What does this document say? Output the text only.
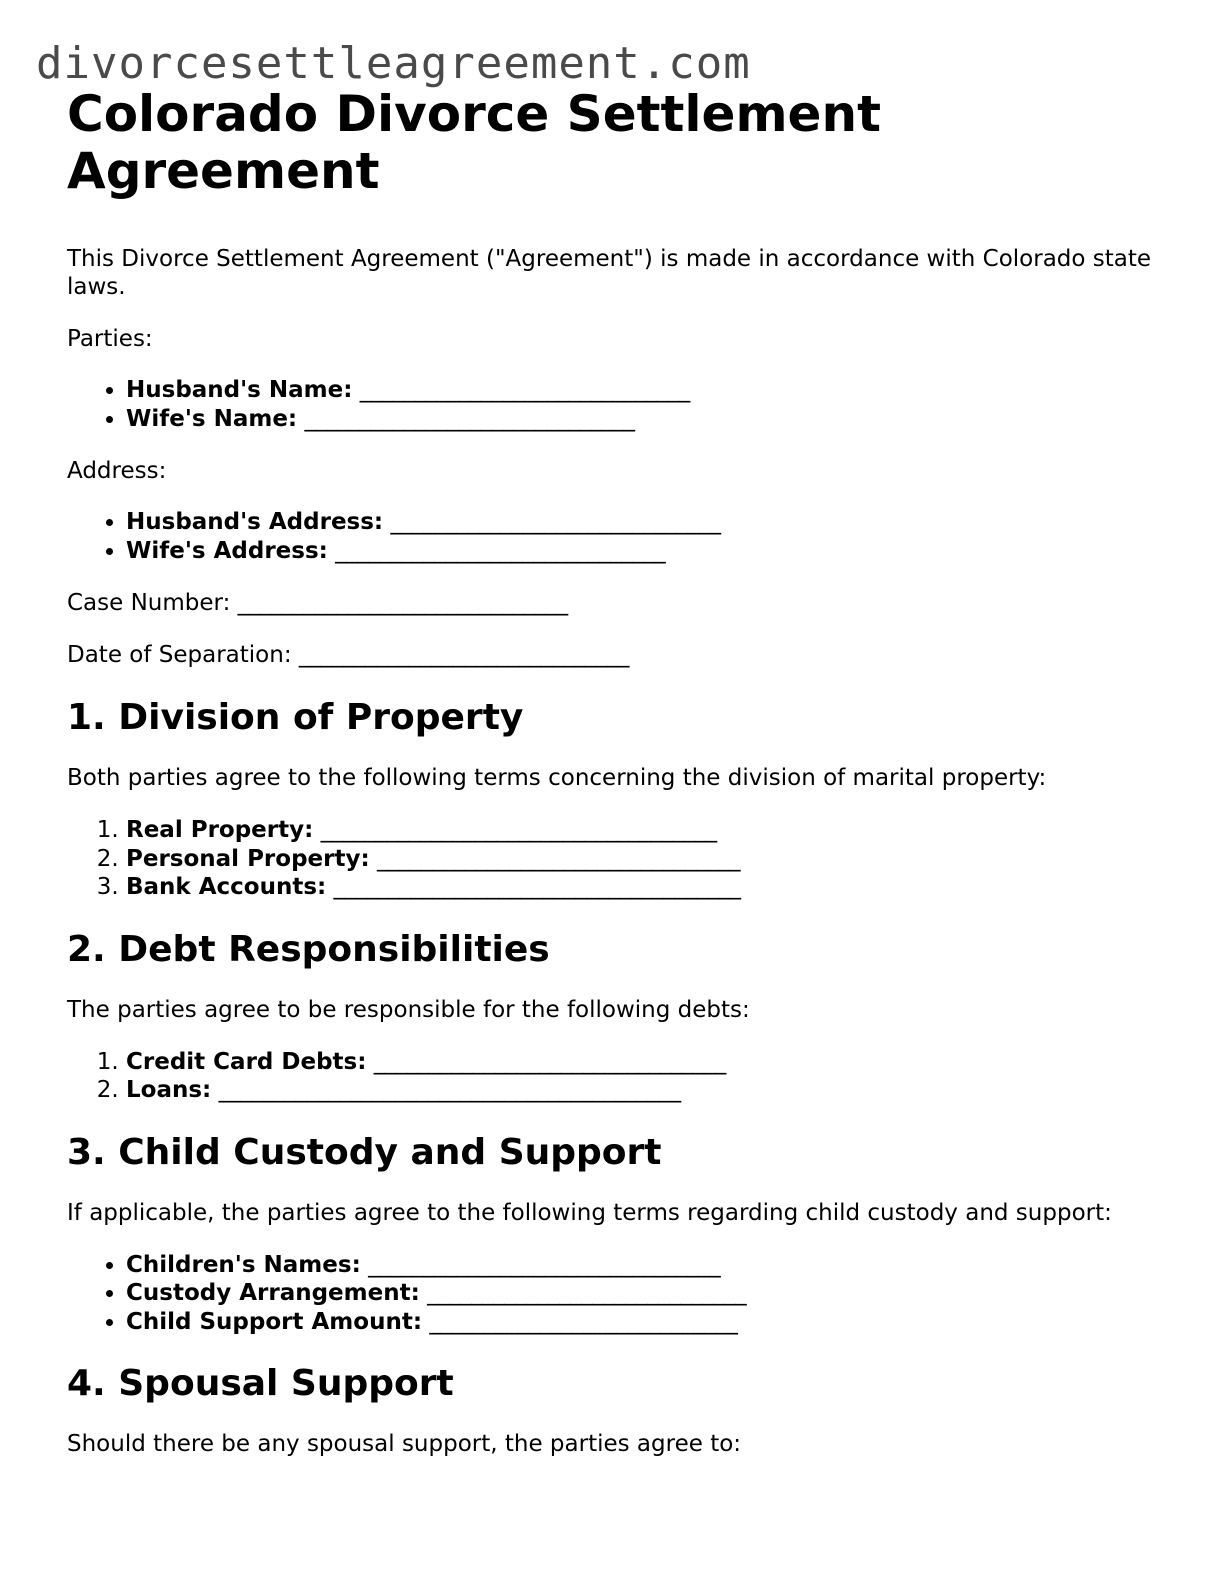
divorcesettleagreement.com
Colorado Divorce Settlement Agreement

This Divorce Settlement Agreement ("Agreement") is made in accordance with Colorado state laws.

Parties:

• Husband's Name: ______________________________
• Wife's Name: ______________________________

Address:

• Husband's Address: ______________________________
• Wife's Address: ______________________________

Case Number: ______________________________

Date of Separation: ______________________________

1. Division of Property

Both parties agree to the following terms concerning the division of marital property:

1. Real Property: ____________________________________
2. Personal Property: _________________________________
3. Bank Accounts: _____________________________________
2. Debt Responsibilities

The parties agree to be responsible for the following debts:

1. Credit Card Debts: ________________________________
2. Loans: __________________________________________
3. Child Custody and Support

If applicable, the parties agree to the following terms regarding child custody and support:

• Children's Names: ________________________________
• Custody Arrangement: _____________________________
• Child Support Amount: ____________________________
4. Spousal Support

Should there be any spousal support, the parties agree to:
